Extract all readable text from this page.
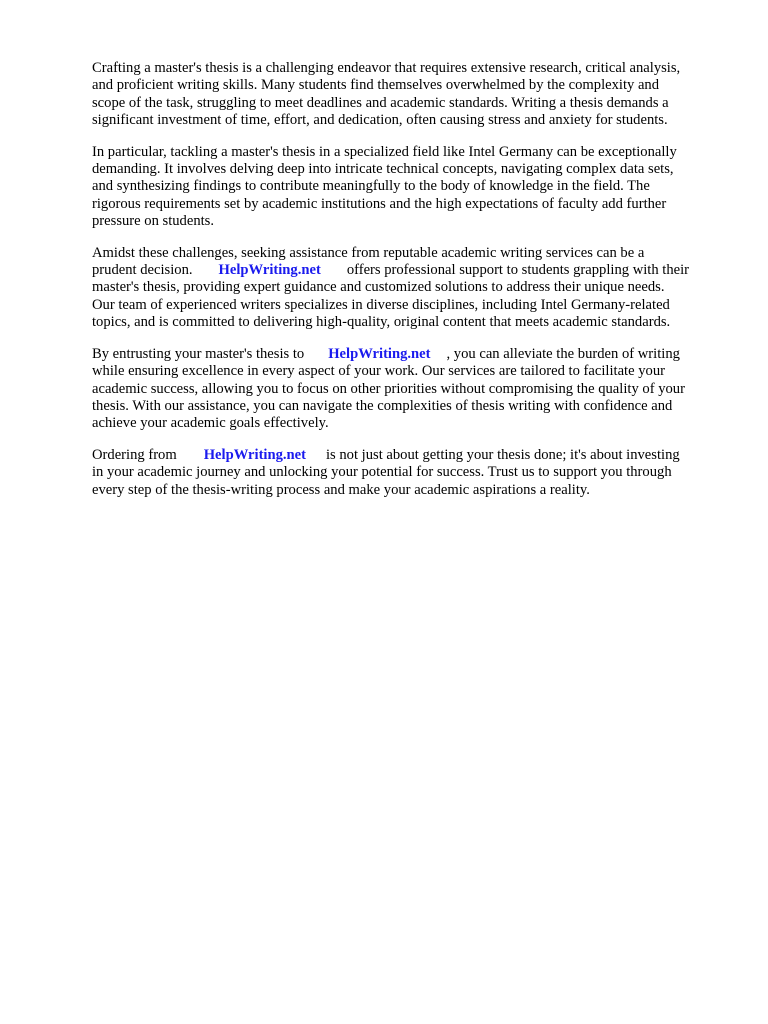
Crafting a master's thesis is a challenging endeavor that requires extensive research, critical analysis,
and proficient writing skills. Many students find themselves overwhelmed by the complexity and
scope of the task, struggling to meet deadlines and academic standards. Writing a thesis demands a
significant investment of time, effort, and dedication, often causing stress and anxiety for students.

In particular, tackling a master's thesis in a specialized field like Intel Germany can be exceptionally
demanding. It involves delving deep into intricate technical concepts, navigating complex data sets,
and synthesizing findings to contribute meaningfully to the body of knowledge in the field. The
rigorous requirements set by academic institutions and the high expectations of faculty add further
pressure on students.

Amidst these challenges, seeking assistance from reputable academic writing services can be a
prudent decision. HelpWriting.net offers professional support to students grappling with their
master's thesis, providing expert guidance and customized solutions to address their unique needs.
Our team of experienced writers specializes in diverse disciplines, including Intel Germany-related
topics, and is committed to delivering high-quality, original content that meets academic standards.

By entrusting your master's thesis to HelpWriting.net , you can alleviate the burden of writing
while ensuring excellence in every aspect of your work. Our services are tailored to facilitate your
academic success, allowing you to focus on other priorities without compromising the quality of your
thesis. With our assistance, you can navigate the complexities of thesis writing with confidence and
achieve your academic goals effectively.

Ordering from HelpWriting.net is not just about getting your thesis done; it's about investing
in your academic journey and unlocking your potential for success. Trust us to support you through
every step of the thesis-writing process and make your academic aspirations a reality.
